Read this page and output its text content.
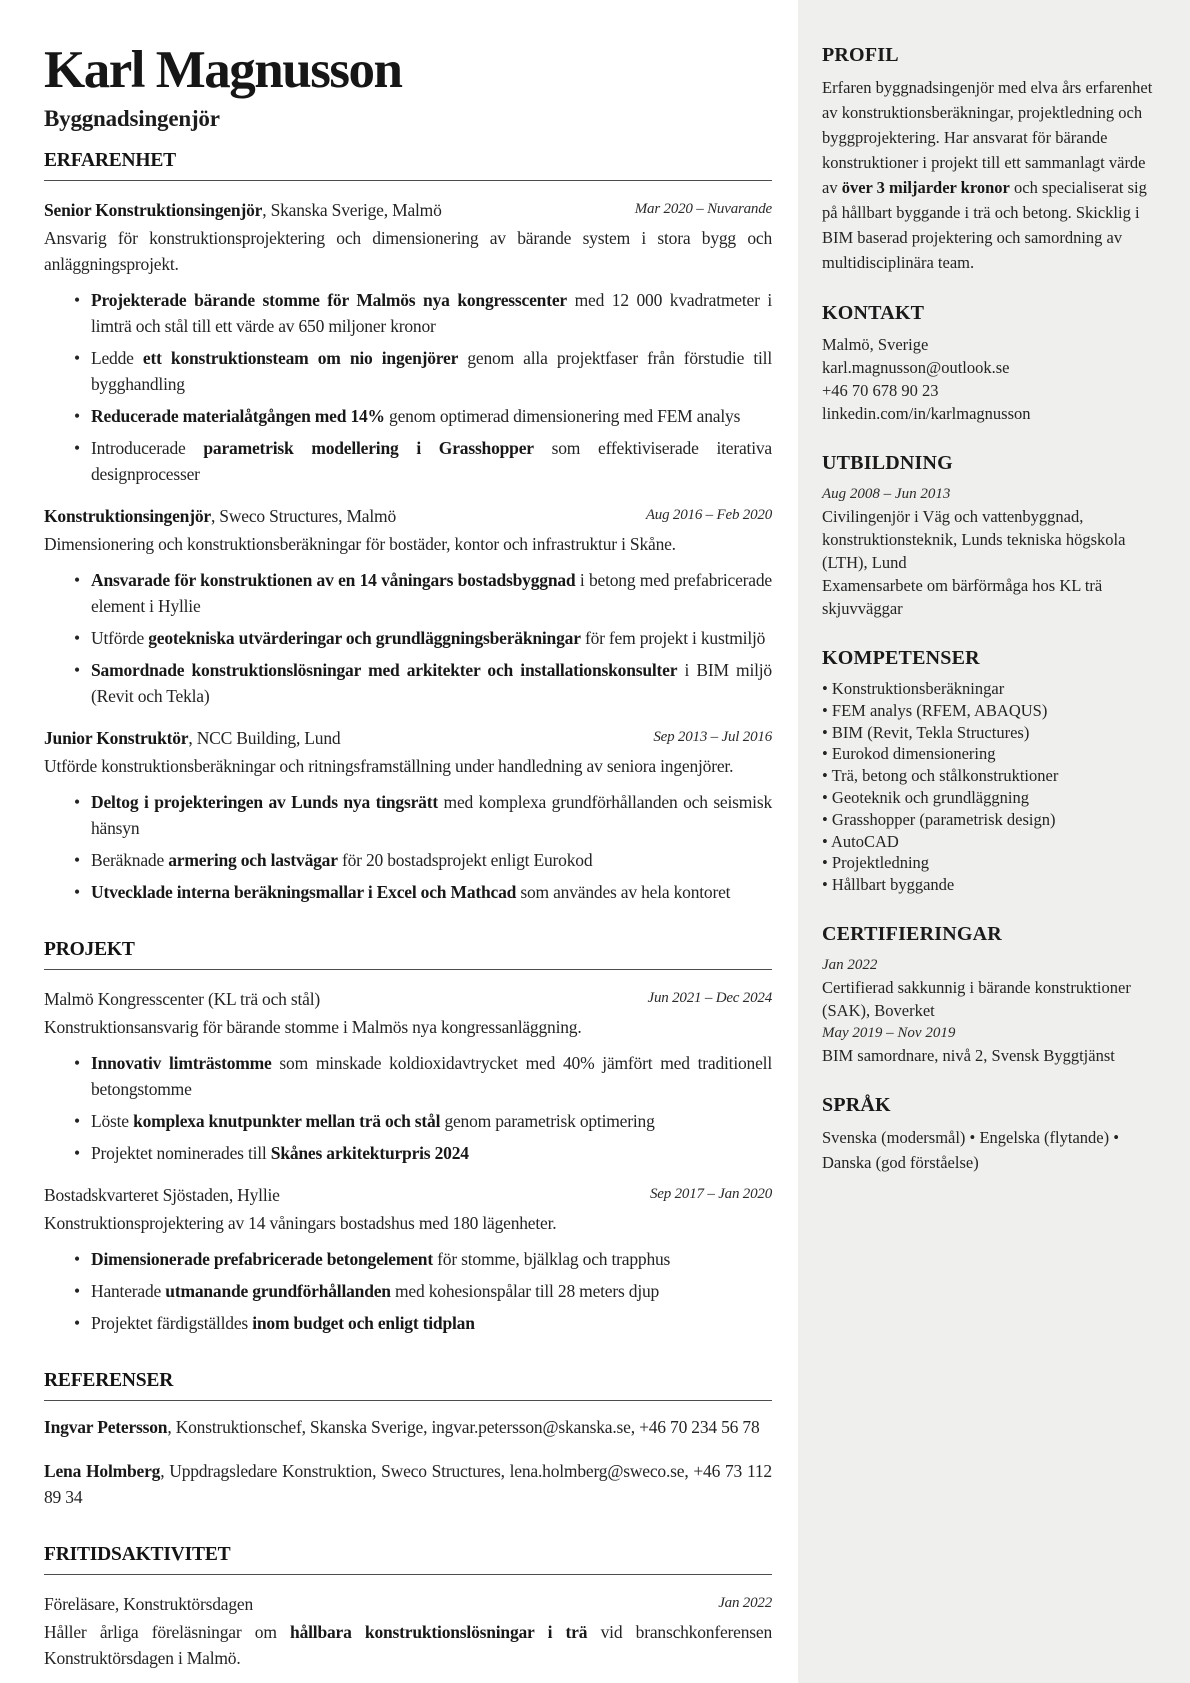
Karl Magnusson
Byggnadsingenjör
ERFARENHET
Senior Konstruktionsingenjör, Skanska Sverige, Malmö	Mar 2020 – Nuvarande

Ansvarig för konstruktionsprojektering och dimensionering av bärande system i stora bygg och anläggningsprojekt.

• Projekterade bärande stomme för Malmös nya kongresscenter med 12 000 kvadratmeter i limträ och stål till ett värde av 650 miljoner kronor
• Ledde ett konstruktionsteam om nio ingenjörer genom alla projektfaser från förstudie till bygghandling
• Reducerade materialåtgången med 14% genom optimerad dimensionering med FEM analys
• Introducerade parametrisk modellering i Grasshopper som effektiviserade iterativa designprocesser
Konstruktionsingenjör, Sweco Structures, Malmö	Aug 2016 – Feb 2020

Dimensionering och konstruktionsberäkningar för bostäder, kontor och infrastruktur i Skåne.

• Ansvarade för konstruktionen av en 14 våningars bostadsbyggnad i betong med prefabricerade element i Hyllie
• Utförde geotekniska utvärderingar och grundläggningsberäkningar för fem projekt i kustmiljö
• Samordnade konstruktionslösningar med arkitekter och installationskonsulter i BIM miljö (Revit och Tekla)
Junior Konstruktör, NCC Building, Lund	Sep 2013 – Jul 2016

Utförde konstruktionsberäkningar och ritningsframställning under handledning av seniora ingenjörer.

• Deltog i projekteringen av Lunds nya tingsrätt med komplexa grundförhållanden och seismisk hänsyn
• Beräknade armering och lastvägar för 20 bostadsprojekt enligt Eurokod
• Utvecklade interna beräkningsmallar i Excel och Mathcad som användes av hela kontoret
PROJEKT
Malmö Kongresscenter (KL trä och stål)	Jun 2021 – Dec 2024

Konstruktionsansvarig för bärande stomme i Malmös nya kongressanläggning.

• Innovativ limträstomme som minskade koldioxidavtrycket med 40% jämfört med traditionell betongstomme
• Löste komplexa knutpunkter mellan trä och stål genom parametrisk optimering
• Projektet nominerades till Skånes arkitekturpris 2024
Bostadskvarteret Sjöstaden, Hyllie	Sep 2017 – Jan 2020

Konstruktionsprojektering av 14 våningars bostadshus med 180 lägenheter.

• Dimensionerade prefabricerade betongelement för stomme, bjälklag och trapphus
• Hanterade utmanande grundförhållanden med kohesionspålar till 28 meters djup
• Projektet färdigställdes inom budget och enligt tidplan
REFERENSER

Ingvar Petersson, Konstruktionschef, Skanska Sverige, ingvar.petersson@skanska.se, +46 70 234 56 78

Lena Holmberg, Uppdragsledare Konstruktion, Sweco Structures, lena.holmberg@sweco.se, +46 73 112 89 34

FRITIDSAKTIVITET
Föreläsare, Konstruktörsdagen	Jan 2022

Håller årliga föreläsningar om hållbara konstruktionslösningar i trä vid branschkonferensen Konstruktörsdagen i Malmö.

PROFIL

Erfaren byggnadsingenjör med elva års erfarenhet av konstruktionsberäkningar, projektledning och byggprojektering. Har ansvarat för bärande konstruktioner i projekt till ett sammanlagt värde av över 3 miljarder kronor och specialiserat sig på hållbart byggande i trä och betong. Skicklig i BIM baserad projektering och samordning av multidisciplinära team.

KONTAKT
Malmö, Sverige
karl.magnusson@outlook.se
+46 70 678 90 23
linkedin.com/in/karlmagnusson
UTBILDNING
Aug 2008 – Jun 2013
Civilingenjör i Väg och vattenbyggnad, konstruktionsteknik, Lunds tekniska högskola (LTH), Lund
Examensarbete om bärförmåga hos KL trä skjuvväggar
KOMPETENSER
• Konstruktionsberäkningar
• FEM analys (RFEM, ABAQUS)
• BIM (Revit, Tekla Structures)
• Eurokod dimensionering
• Trä, betong och stålkonstruktioner
• Geoteknik och grundläggning
• Grasshopper (parametrisk design)
• AutoCAD
• Projektledning
• Hållbart byggande
CERTIFIERINGAR
Jan 2022
Certifierad sakkunnig i bärande konstruktioner (SAK), Boverket
May 2019 – Nov 2019
BIM samordnare, nivå 2, Svensk Byggtjänst
SPRÅK

Svenska (modersmål) • Engelska (flytande) • Danska (god förståelse)
